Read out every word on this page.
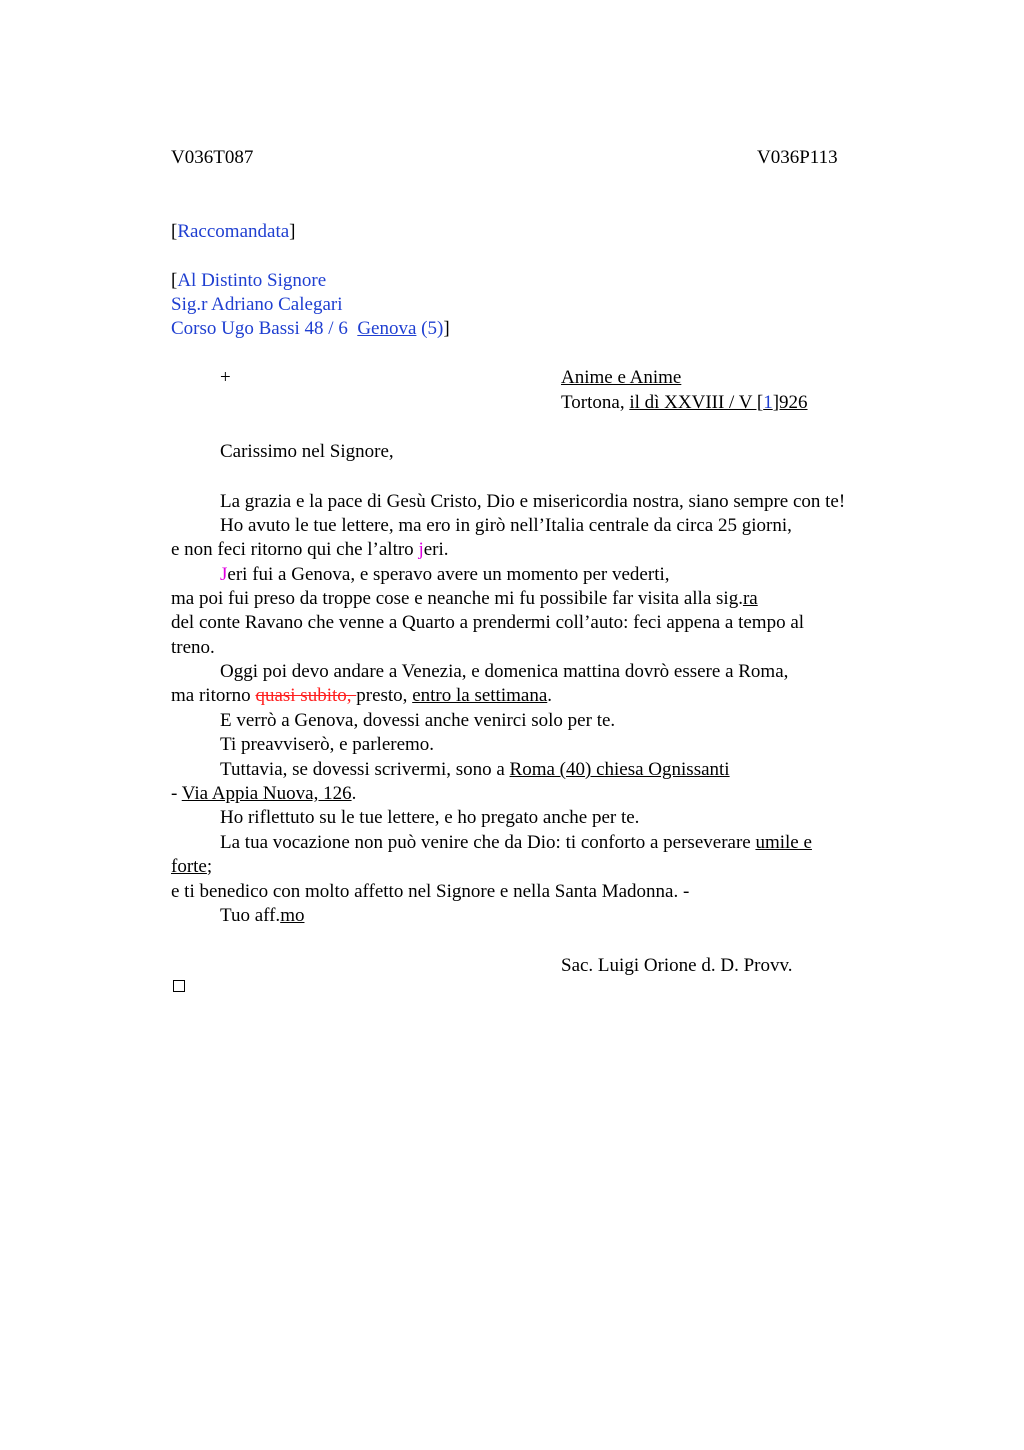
V036T087	V036P113
[Raccomandata]
[Al Distinto Signore
Sig.r Adriano Calegari
Corso Ugo Bassi 48 / 6 Genova (5)]
+	Anime e Anime
Tortona, il dì XXVIII / V [1]926
Carissimo nel Signore,
La grazia e la pace di Gesù Cristo, Dio e misericordia nostra, siano sempre con te!
Ho avuto le tue lettere, ma ero in girò nell’Italia centrale da circa 25 giorni,
e non feci ritorno qui che l’altro jeri.
Jeri fui a Genova, e speravo avere un momento per vederti,
ma poi fui preso da troppe cose e neanche mi fu possibile far visita alla sig.ra
del conte Ravano che venne a Quarto a prendermi coll’auto: feci appena a tempo al
treno.
Oggi poi devo andare a Venezia, e domenica mattina dovrò essere a Roma,
ma ritorno quasi subito, presto, entro la settimana.
E verrò a Genova, dovessi anche venirci solo per te.
Ti preavviserò, e parleremo.
Tuttavia, se dovessi scrivermi, sono a Roma (40) chiesa Ognissanti
- Via Appia Nuova, 126.
Ho riflettuto su le tue lettere, e ho pregato anche per te.
La tua vocazione non può venire che da Dio: ti conforto a perseverare umile e
forte;
e ti benedico con molto affetto nel Signore e nella Santa Madonna. -
Tuo aff.mo
Sac. Luigi Orione d. D. Provv.
